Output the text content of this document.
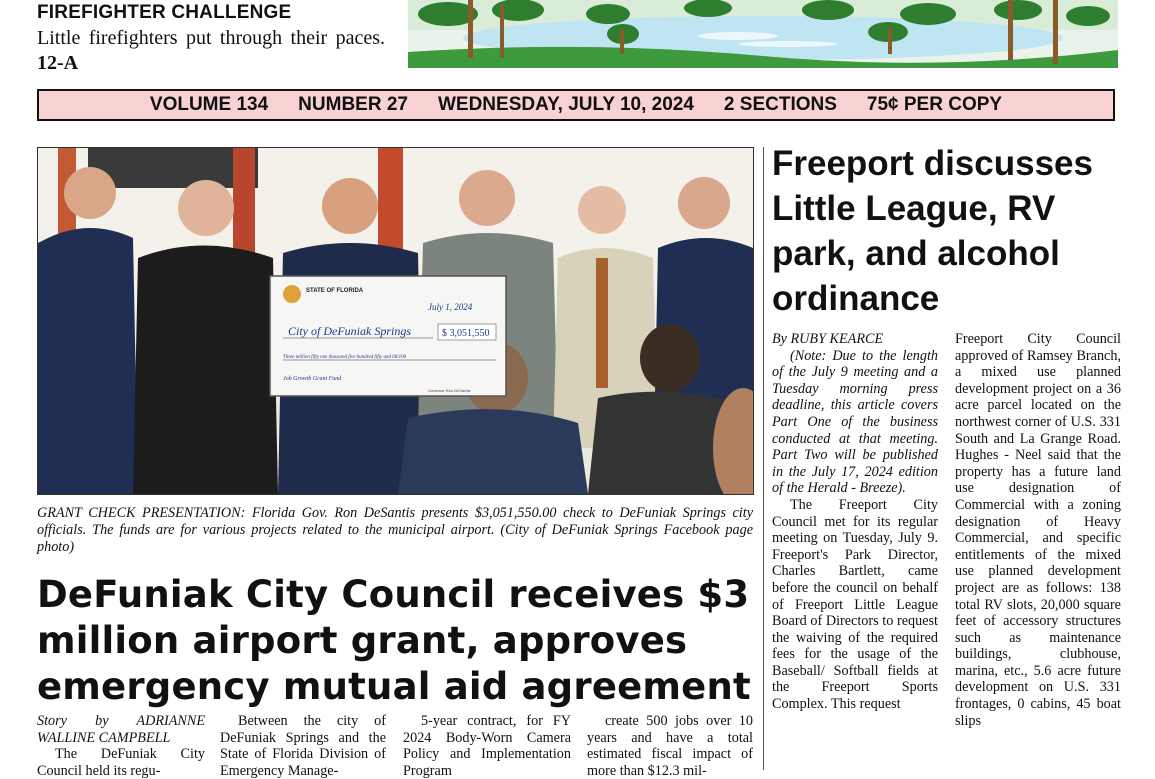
FIREFIGHTER CHALLENGE
Little firefighters put through their paces. 12-A
VOLUME 134 NUMBER 27 WEDNESDAY, JULY 10, 2024 2 SECTIONS 75¢ PER COPY
STATE OF FLORIDA
July 1, 2024
City of DeFuniak Springs	$ 3,051,550
Three million fifty one thousand five hundred fifty and 00/100
Job Growth Grant Fund
Governor Ron DeSantis
GRANT CHECK PRESENTATION: Florida Gov. Ron DeSantis presents $3,051,550.00 check to DeFuniak Springs city officials. The funds are for various projects related to the municipal airport. (City of DeFuniak Springs Facebook page photo)
DeFuniak City Council receives $3 million airport grant, approves emergency mutual aid agreement

Story by ADRIANNE WALLINE CAMPBELL

The DeFuniak City Council held its regu-

Between the city of DeFuniak Springs and the State of Florida Division of Emergency Manage-

5-year contract, for FY 2024 Body-Worn Camera Policy and Implementation Program

create 500 jobs over 10 years and have a total estimated fiscal impact of more than $12.3 mil-

Freeport discusses Little League, RV park, and alcohol ordinance

By RUBY KEARCE

(Note: Due to the length of the July 9 meeting and a Tuesday morning press deadline, this article covers Part One of the business conducted at that meeting. Part Two will be published in the July 17, 2024 edition of the Herald - Breeze).

The Freeport City Council met for its regular meeting on Tuesday, July 9. Freeport's Park Director, Charles Bartlett, came before the council on behalf of Freeport Little League Board of Directors to request the waiving of the required fees for the usage of the Baseball/ Softball fields at the Freeport Sports Complex. This request

Freeport City Council approved of Ramsey Branch, a mixed use planned development project on a 36 acre parcel located on the northwest corner of U.S. 331 South and La Grange Road. Hughes - Neel said that the property has a future land use designation of Commercial with a zoning designation of Heavy Commercial, and specific entitlements of the mixed use planned development project are as follows: 138 total RV slots, 20,000 square feet of accessory structures such as maintenance buildings, clubhouse, marina, etc., 5.6 acre future development on U.S. 331 frontages, 0 cabins, 45 boat slips
